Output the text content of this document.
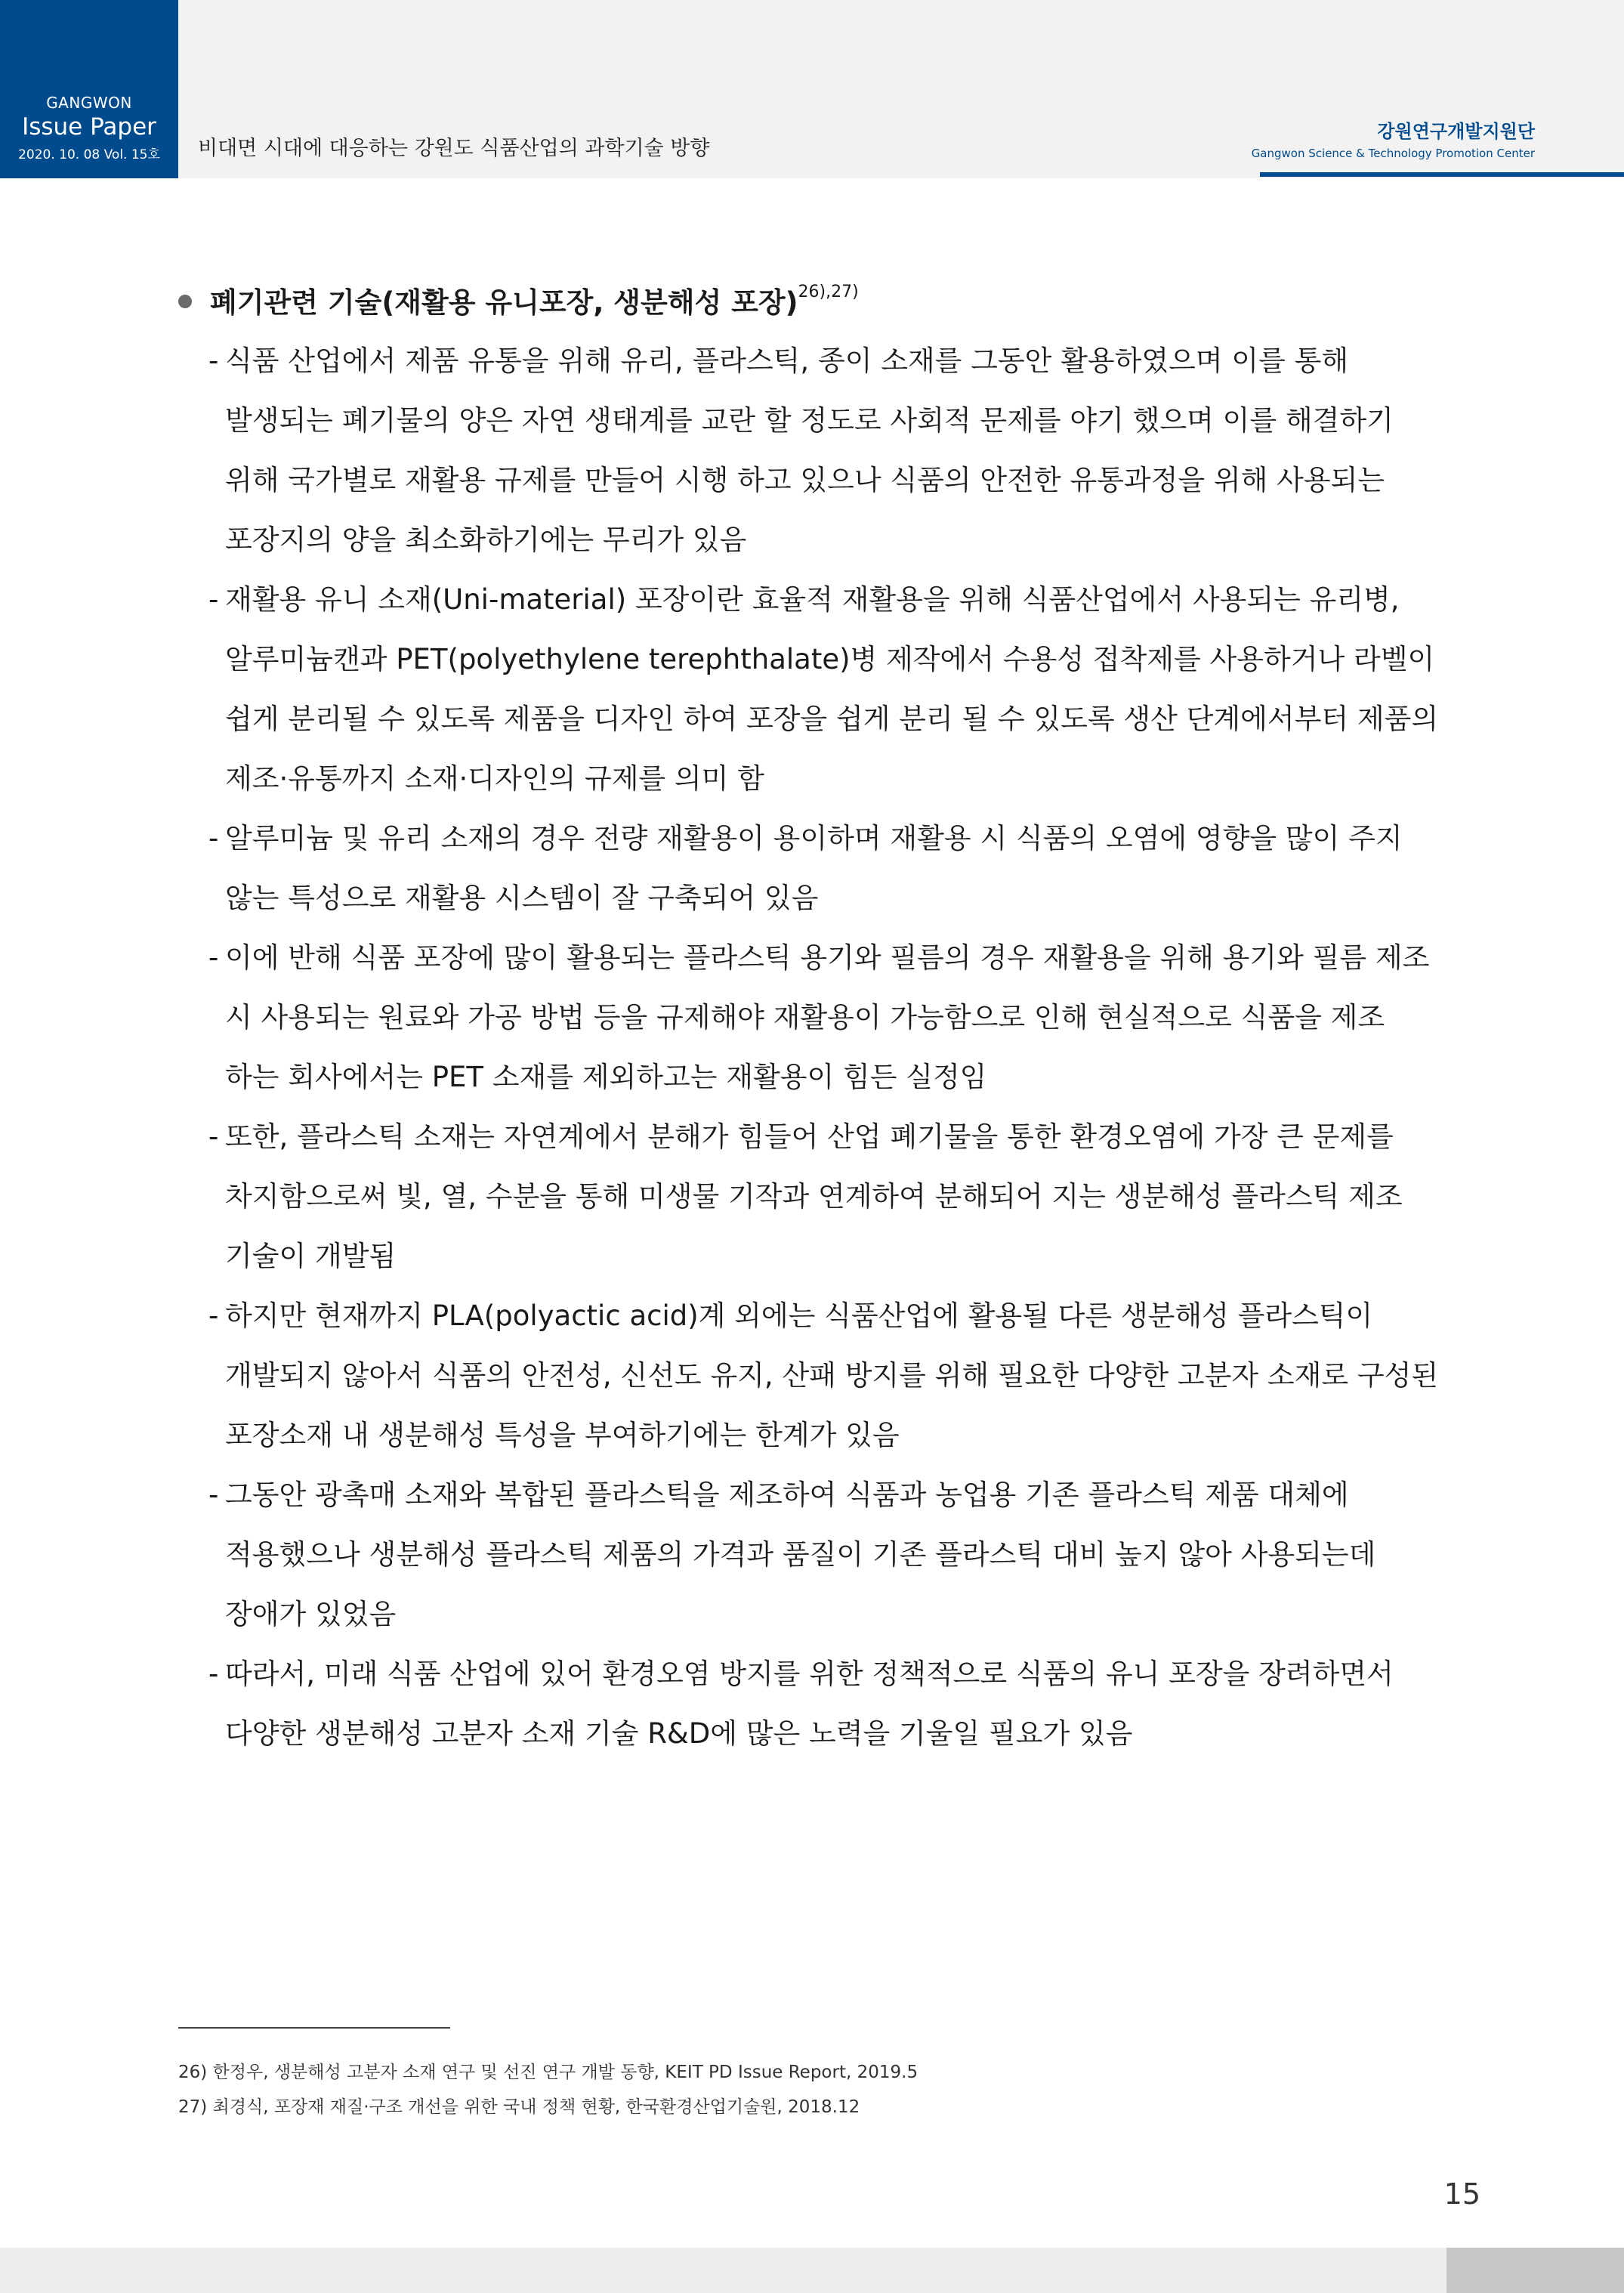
GANGWON
Issue Paper
2020. 10. 08 Vol. 15호	비대면 시대에 대응하는 강원도 식품산업의 과학기술 방향
강원연구개발지원단
Gangwon Science & Technology Promotion Center
폐기관련 기술(재활용 유니포장, 생분해성 포장)$^{26),27)}$
- 식품 산업에서 제품 유통을 위해 유리, 플라스틱, 종이 소재를 그동안 활용하였으며 이를 통해 발생되는 폐기물의 양은 자연 생태계를 교란 할 정도로 사회적 문제를 야기 했으며 이를 해결하기 위해 국가별로 재활용 규제를 만들어 시행 하고 있으나 식품의 안전한 유통과정을 위해 사용되는 포장지의 양을 최소화하기에는 무리가 있음
- 재활용 유니 소재(Uni-material) 포장이란 효율적 재활용을 위해 식품산업에서 사용되는 유리병, 알루미늄캔과 PET(polyethylene terephthalate)병 제작에서 수용성 접착제를 사용하거나 라벨이 쉽게 분리될 수 있도록 제품을 디자인 하여 포장을 쉽게 분리 될 수 있도록 생산 단계에서부터 제품의 제조·유통까지 소재·디자인의 규제를 의미 함
- 알루미늄 및 유리 소재의 경우 전량 재활용이 용이하며 재활용 시 식품의 오염에 영향을 많이 주지 않는 특성으로 재활용 시스템이 잘 구축되어 있음
- 이에 반해 식품 포장에 많이 활용되는 플라스틱 용기와 필름의 경우 재활용을 위해 용기와 필름 제조 시 사용되는 원료와 가공 방법 등을 규제해야 재활용이 가능함으로 인해 현실적으로 식품을 제조 하는 회사에서는 PET 소재를 제외하고는 재활용이 힘든 실정임
- 또한, 플라스틱 소재는 자연계에서 분해가 힘들어 산업 폐기물을 통한 환경오염에 가장 큰 문제를 차지함으로써 빛, 열, 수분을 통해 미생물 기작과 연계하여 분해되어 지는 생분해성 플라스틱 제조 기술이 개발됨
- 하지만 현재까지 PLA(polyactic acid)계 외에는 식품산업에 활용될 다른 생분해성 플라스틱이 개발되지 않아서 식품의 안전성, 신선도 유지, 산패 방지를 위해 필요한 다양한 고분자 소재로 구성된 포장소재 내 생분해성 특성을 부여하기에는 한계가 있음
- 그동안 광촉매 소재와 복합된 플라스틱을 제조하여 식품과 농업용 기존 플라스틱 제품 대체에 적용했으나 생분해성 플라스틱 제품의 가격과 품질이 기존 플라스틱 대비 높지 않아 사용되는데 장애가 있었음
- 따라서, 미래 식품 산업에 있어 환경오염 방지를 위한 정책적으로 식품의 유니 포장을 장려하면서 다양한 생분해성 고분자 소재 기술 R&D에 많은 노력을 기울일 필요가 있음
26) 한정우, 생분해성 고분자 소재 연구 및 선진 연구 개발 동향, KEIT PD Issue Report, 2019.5
27) 최경식, 포장재 재질·구조 개선을 위한 국내 정책 현황, 한국환경산업기술원, 2018.12
15
